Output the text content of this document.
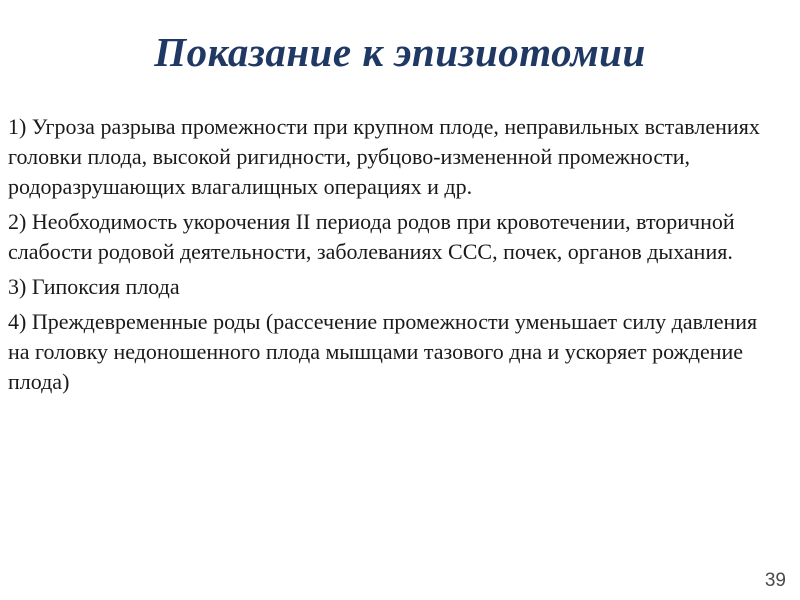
Показание к эпизиотомии

1) Угроза разрыва промежности при крупном плоде, неправильных вставлениях головки плода, высокой ригидности, рубцово-измененной промежности, родоразрушающих влагалищных операциях и др.

2) Необходимость укорочения II периода родов при кровотечении, вторичной слабости родовой деятельности, заболеваниях ССС, почек, органов дыхания.

3) Гипоксия плода

4) Преждевременные роды (рассечение промежности уменьшает силу давления на головку недоношенного плода мышцами тазового дна и ускоряет рождение плода)

39
